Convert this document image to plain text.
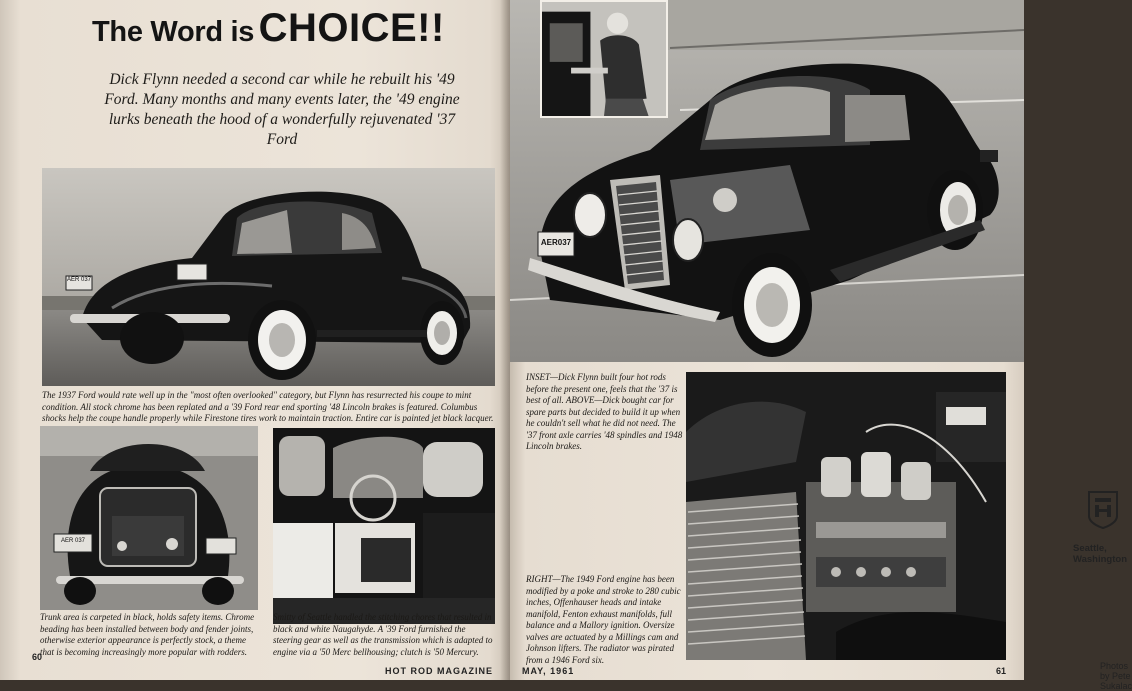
The Word is CHOICE!!
Dick Flynn needed a second car while he rebuilt his '49 Ford. Many months and many events later, the '49 engine lurks beneath the hood of a wonderfully rejuvenated '37 Ford
AER 037
The 1937 Ford would rate well up in the "most often overlooked" category, but Flynn has resurrected his coupe to mint condition. All stock chrome has been replated and a '39 Ford rear end sporting '48 Lincoln brakes is featured. Columbus shocks help the coupe handle properly while Firestone tires work to maintain traction. Entire car is painted jet black lacquer.
AER 037
Trunk area is carpeted in black, holds safety items. Chrome beading has been installed between body and fender joints, otherwise exterior appearance is perfectly stock, a theme that is becoming increasingly more popular with rodders.
Smitty of Seattle handled the stitching chores that resulted in black and white Naugahyde. A '39 Ford furnished the steering gear as well as the transmission which is adapted to engine via a '50 Merc bellhousing; clutch is '50 Mercury.
60
HOT ROD MAGAZINE
AER037
INSET—Dick Flynn built four hot rods before the present one, feels that the '37 is best of all. ABOVE—Dick bought car for spare parts but decided to build it up when he couldn't sell what he did not need. The '37 front axle carries '48 spindles and 1948 Lincoln brakes.
Seattle, Washington
RIGHT—The 1949 Ford engine has been modified by a poke and stroke to 280 cubic inches, Offenhauser heads and intake manifold, Fenton exhaust manifolds, full balance and a Mallory ignition. Oversize valves are actuated by a Millings cam and Johnson lifters. The radiator was pirated from a 1946 Ford six.
Photos by Pete Sukalac
MAY, 1961	61
